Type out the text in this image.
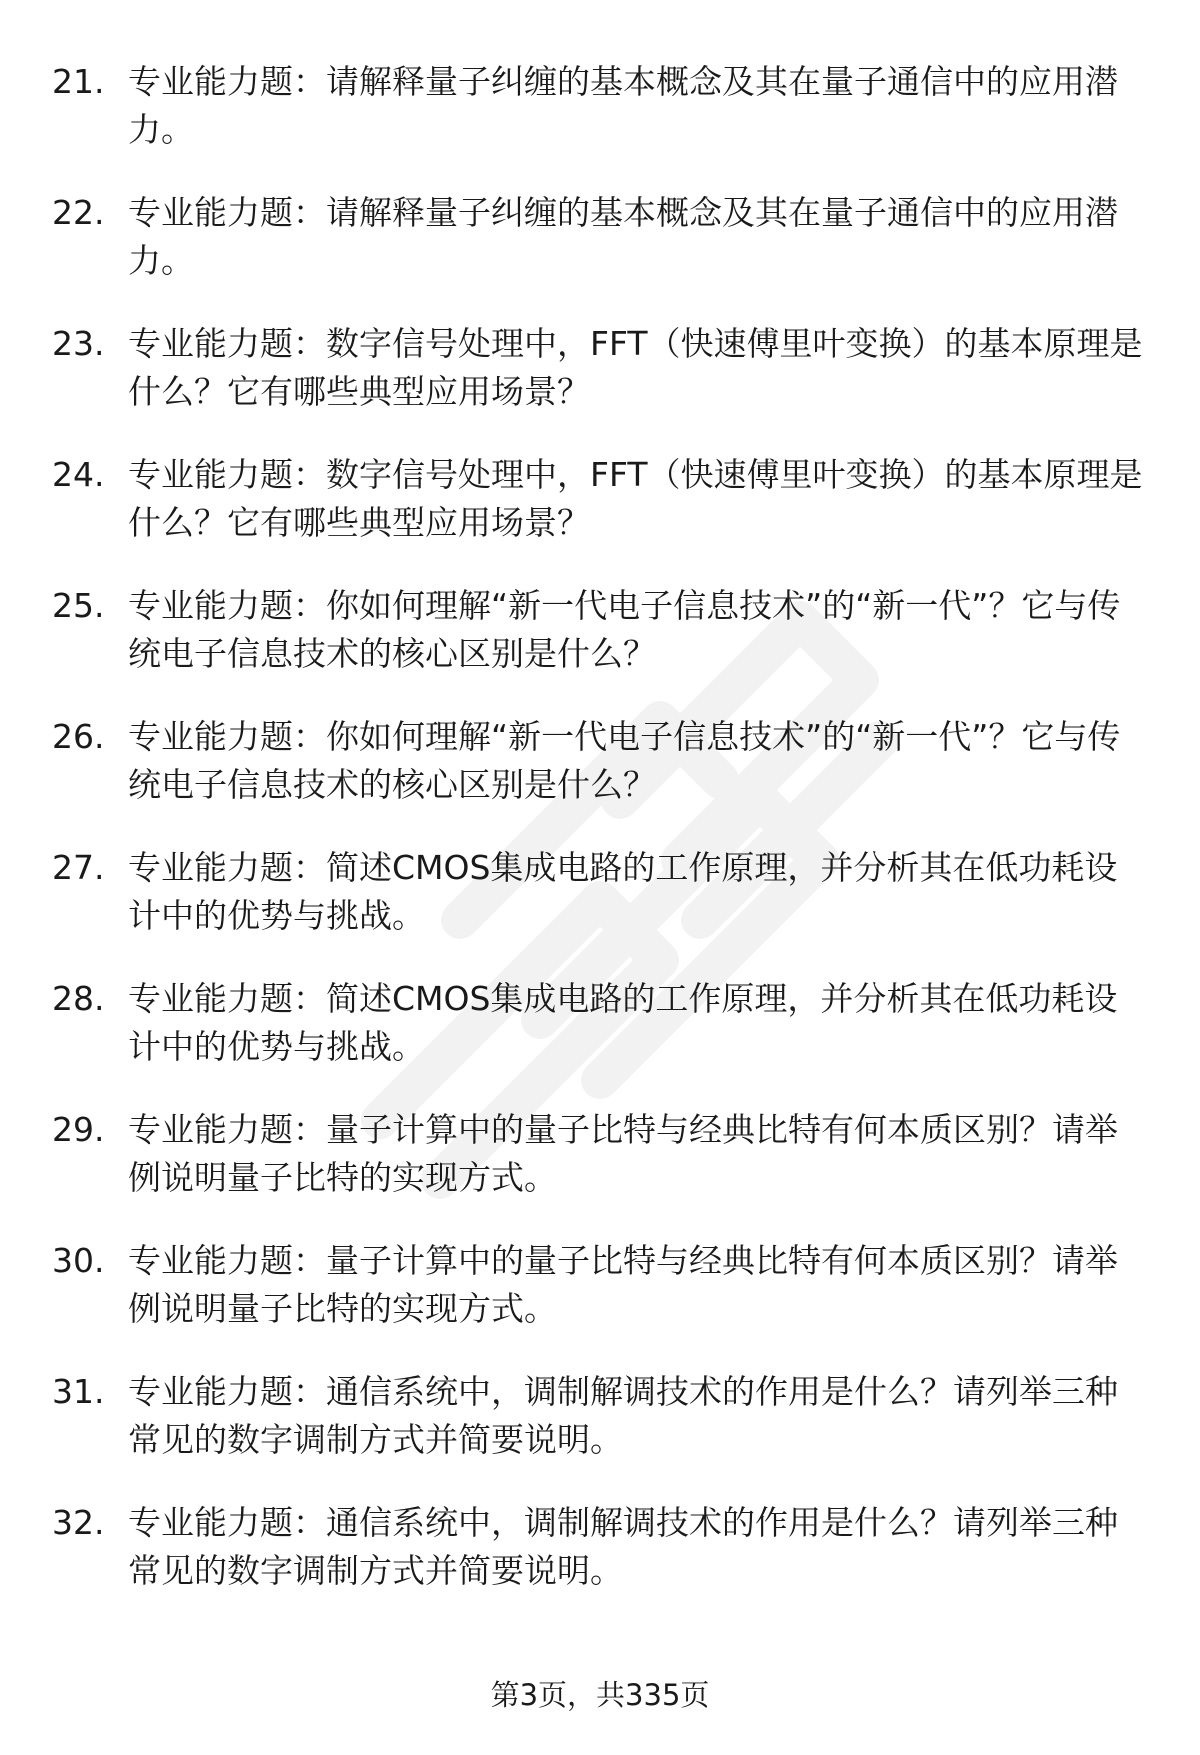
21. 专业能力题：请解释量子纠缠的基本概念及其在量子通信中的应用潜力。
22. 专业能力题：请解释量子纠缠的基本概念及其在量子通信中的应用潜力。
23. 专业能力题：数字信号处理中，FFT（快速傅里叶变换）的基本原理是什么？它有哪些典型应用场景？
24. 专业能力题：数字信号处理中，FFT（快速傅里叶变换）的基本原理是什么？它有哪些典型应用场景？
25. 专业能力题：你如何理解“新一代电子信息技术”的“新一代”？它与传统电子信息技术的核心区别是什么？
26. 专业能力题：你如何理解“新一代电子信息技术”的“新一代”？它与传统电子信息技术的核心区别是什么？
27. 专业能力题：简述CMOS集成电路的工作原理，并分析其在低功耗设计中的优势与挑战。
28. 专业能力题：简述CMOS集成电路的工作原理，并分析其在低功耗设计中的优势与挑战。
29. 专业能力题：量子计算中的量子比特与经典比特有何本质区别？请举例说明量子比特的实现方式。
30. 专业能力题：量子计算中的量子比特与经典比特有何本质区别？请举例说明量子比特的实现方式。
31. 专业能力题：通信系统中，调制解调技术的作用是什么？请列举三种常见的数字调制方式并简要说明。
32. 专业能力题：通信系统中，调制解调技术的作用是什么？请列举三种常见的数字调制方式并简要说明。
第3页，共335页
